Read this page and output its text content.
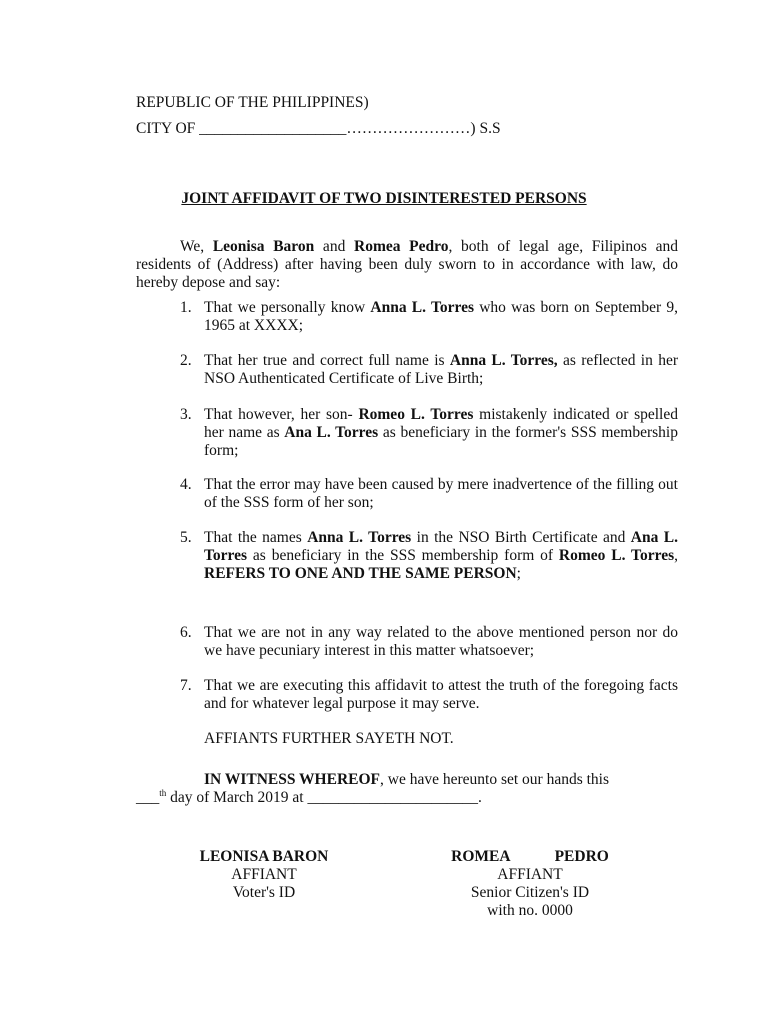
REPUBLIC OF THE PHILIPPINES)
CITY OF ___________________……………………) S.S
JOINT AFFIDAVIT OF TWO DISINTERESTED PERSONS
We, Leonisa Baron and Romea Pedro, both of legal age, Filipinos and residents of (Address) after having been duly sworn to in accordance with law, do hereby depose and say:
1. That we personally know Anna L. Torres who was born on September 9, 1965 at XXXX;
2. That her true and correct full name is Anna L. Torres, as reflected in her NSO Authenticated Certificate of Live Birth;
3. That however, her son- Romeo L. Torres mistakenly indicated or spelled her name as Ana L. Torres as beneficiary in the former's SSS membership form;
4. That the error may have been caused by mere inadvertence of the filling out of the SSS form of her son;
5. That the names Anna L. Torres in the NSO Birth Certificate and Ana L. Torres as beneficiary in the SSS membership form of Romeo L. Torres, REFERS TO ONE AND THE SAME PERSON;
6. That we are not in any way related to the above mentioned person nor do we have pecuniary interest in this matter whatsoever;
7. That we are executing this affidavit to attest the truth of the foregoing facts and for whatever legal purpose it may serve.
AFFIANTS FURTHER SAYETH NOT.
IN WITNESS WHEREOF, we have hereunto set our hands this
___$^{th}$ day of March 2019 at ______________________.
LEONISA BARON
AFFIANT
Voter's ID
ROMEA	PEDRO
AFFIANT
Senior Citizen's ID
with no. 0000
